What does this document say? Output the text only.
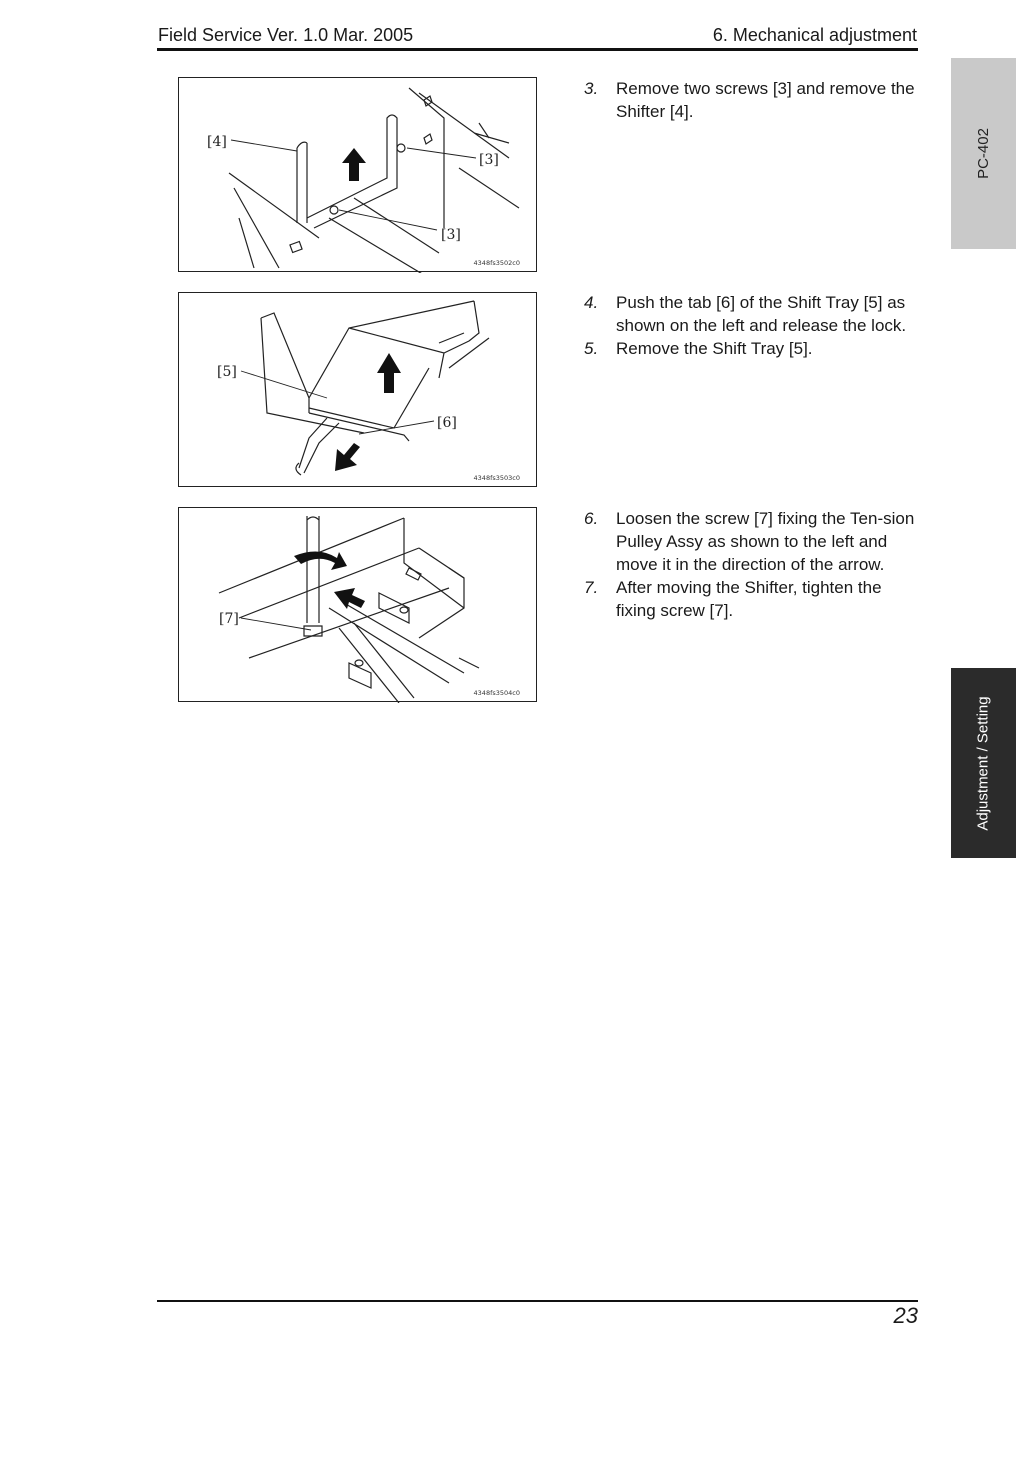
Field Service Ver. 1.0 Mar. 2005	6. Mechanical adjustment
PC-402
Adjustment / Setting
[4]
[3]
[3]
4348fs3502c0
[5]
[6]
4348fs3503c0
[7]
4348fs3504c0
3.	Remove two screws [3] and remove the Shifter [4].
4.	Push the tab [6] of the Shift Tray [5] as shown on the left and release the lock.
5.	Remove the Shift Tray [5].
6.	Loosen the screw [7] fixing the Ten-sion Pulley Assy as shown to the left and move it in the direction of the arrow.
7.	After moving the Shifter, tighten the fixing screw [7].
23
